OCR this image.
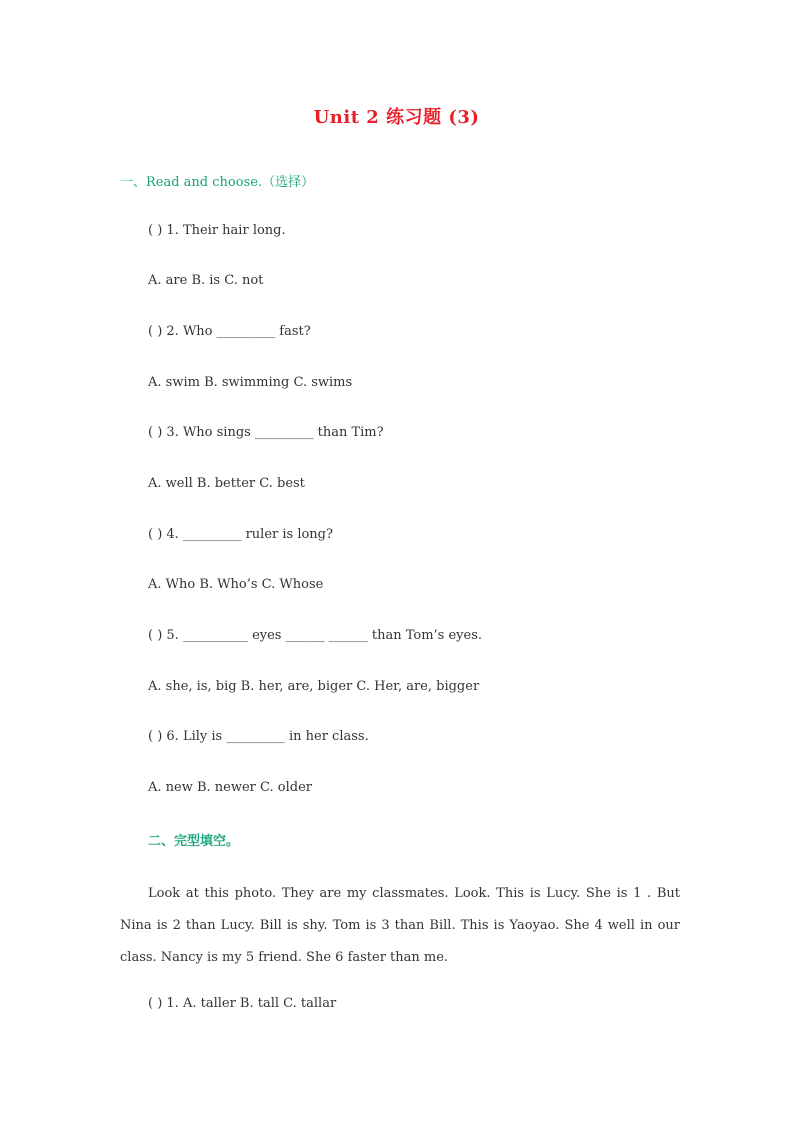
Unit 2 练习题 (3)
一、Read and choose.（选择）
( ) 1. Their hair long.
A. are B. is C. not
( ) 2. Who _________ fast?
A. swim B. swimming C. swims
( ) 3. Who sings _________ than Tim?
A. well B. better C. best
( ) 4. _________ ruler is long?
A. Who B. Who’s C. Whose
( ) 5. __________ eyes ______ ______ than Tom’s eyes.
A. she, is, big B. her, are, biger C. Her, are, bigger
( ) 6. Lily is _________ in her class.
A. new B. newer C. older
二、完型填空。
Look at this photo. They are my classmates. Look. This is Lucy. She is 1 . But Nina is 2 than Lucy. Bill is shy. Tom is 3 than Bill. This is Yaoyao. She 4 well in our class. Nancy is my 5 friend. She 6 faster than me.
( ) 1. A. taller B. tall C. tallar
